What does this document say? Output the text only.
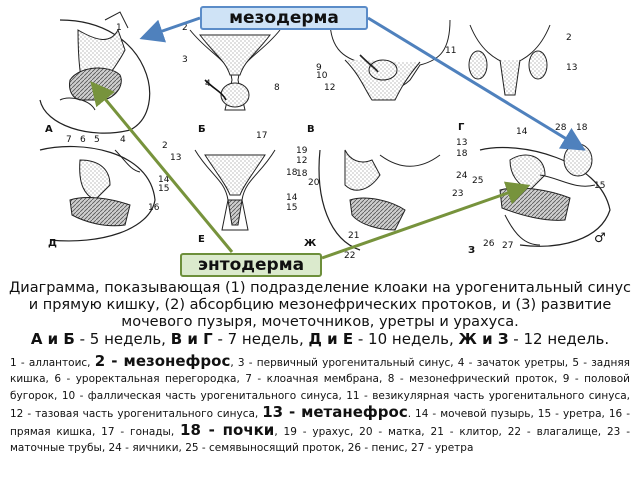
1	2
3
7 6 5 4
4	8
11
9
10
12
2
13
2
13
14
15
16
17
18
14
15
19
12
18
21
20
22
13
18
24
23
25
14	28 18
15
26 27
А	Б	В	Г
Д	Е	Ж
З
♂
мезодерма
энтодерма
Диаграмма, показывающая (1) подразделение клоаки на урогенитальный синус и прямую кишку, (2) абсорбцию мезонефрических протоков, и (3) развитие мочевого пузыря, мочеточников, уретры и урахуса.
А и Б - 5 недель, В и Г - 7 недель, Д и Е - 10 недель, Ж и З - 12 недель.
1 - аллантоис, 2 - мезонефрос, 3 - первичный урогенитальный синус, 4 - зачаток уретры, 5 - задняя кишка, 6 - уроректальная перегородка, 7 - клоачная мембрана, 8 - мезонефрический проток, 9 - половой бугорок, 10 - фаллическая часть урогенитального синуса, 11 - везикулярная часть урогенитального синуса, 12 - тазовая часть урогенитального синуса, 13 - метанефрос. 14 - мочевой пузырь, 15 - уретра, 16 - прямая кишка, 17 - гонады, 18 - почки, 19 - урахус, 20 - матка, 21 - клитор, 22 - влагалище, 23 - маточные трубы, 24 - яичники, 25 - семявыносящий проток, 26 - пенис, 27 - уретра
